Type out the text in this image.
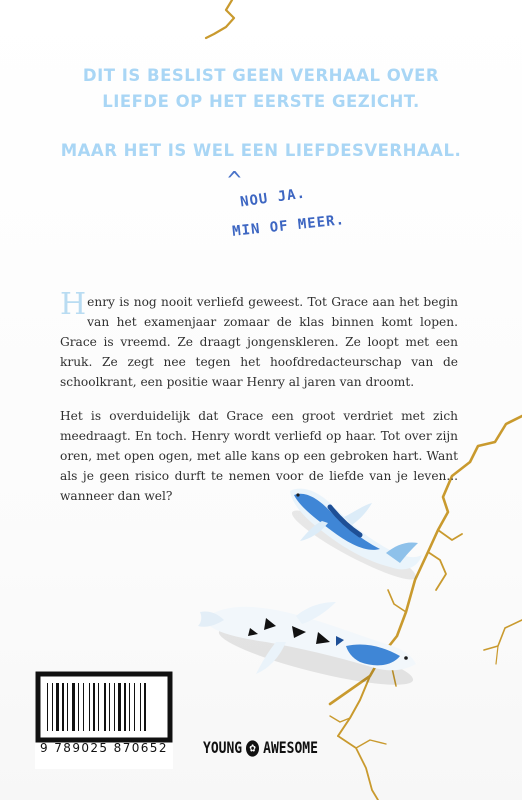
DIT IS BESLIST GEEN VERHAAL OVER
LIEFDE OP HET EERSTE GEZICHT.
MAAR HET IS WEL EEN LIEFDESVERHAAL.
^
NOU JA.
MIN OF MEER.
Henry is nog nooit verliefd geweest. Tot Grace aan het begin van het examenjaar zomaar de klas binnen komt lopen. Grace is vreemd. Ze draagt jongenskleren. Ze loopt met een kruk. Ze zegt nee tegen het hoofdredacteurschap van de schoolkrant, een positie waar Henry al jaren van droomt.
Het is overduidelijk dat Grace een groot verdriet met zich meedraagt. En toch. Henry wordt verliefd op haar. Tot over zijn oren, met open ogen, met alle kans op een gebroken hart. Want als je geen risico durft te nemen voor de liefde van je leven... wanneer dan wel?
9 789025 870652	YOUNG ✿ AWESOME
